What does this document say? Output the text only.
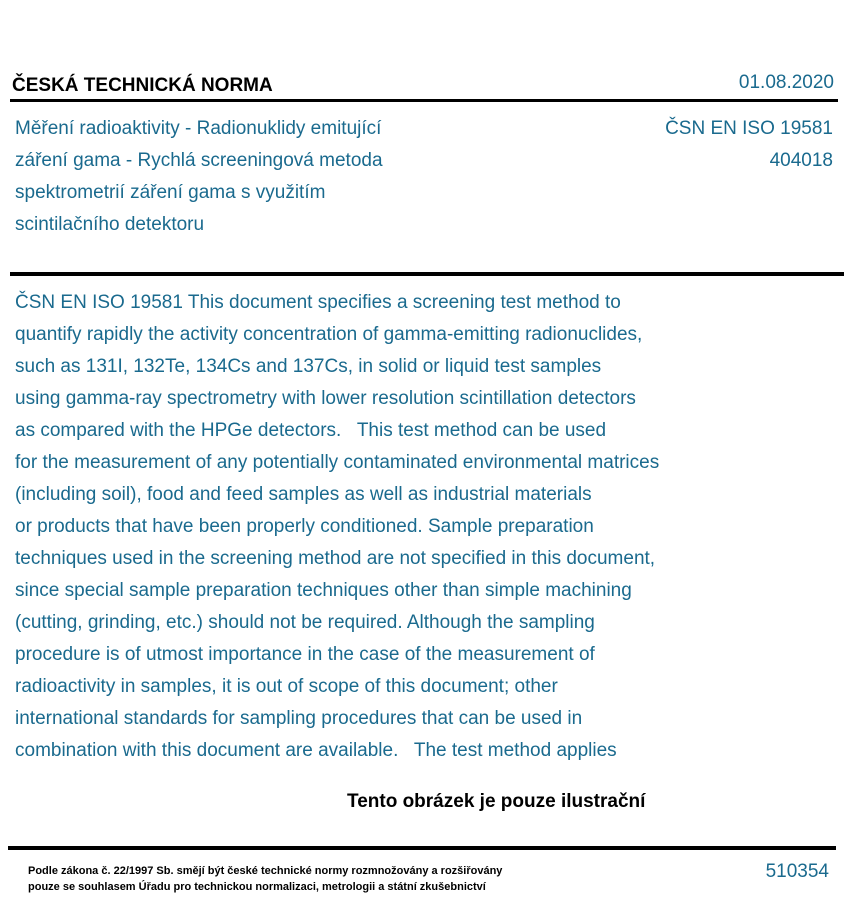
ČESKÁ TECHNICKÁ NORMA	01.08.2020
Měření radioaktivity - Radionuklidy emitující
záření gama - Rychlá screeningová metoda
spektrometrií záření gama s využitím
scintilačního detektoru
ČSN EN ISO 19581
404018
ČSN EN ISO 19581 This document specifies a screening test method to
quantify rapidly the activity concentration of gamma-emitting radionuclides,
such as 131I, 132Te, 134Cs and 137Cs, in solid or liquid test samples
using gamma-ray spectrometry with lower resolution scintillation detectors
as compared with the HPGe detectors.   This test method can be used
for the measurement of any potentially contaminated environmental matrices
(including soil), food and feed samples as well as industrial materials
or products that have been properly conditioned. Sample preparation
techniques used in the screening method are not specified in this document,
since special sample preparation techniques other than simple machining
(cutting, grinding, etc.) should not be required. Although the sampling
procedure is of utmost importance in the case of the measurement of
radioactivity in samples, it is out of scope of this document; other
international standards for sampling procedures that can be used in
combination with this document are available.   The test method applies
Tento obrázek je pouze ilustrační
Podle zákona č. 22/1997 Sb. smějí být české technické normy rozmnožovány a rozšiřovány
pouze se souhlasem Úřadu pro technickou normalizaci, metrologii a státní zkušebnictví
510354
